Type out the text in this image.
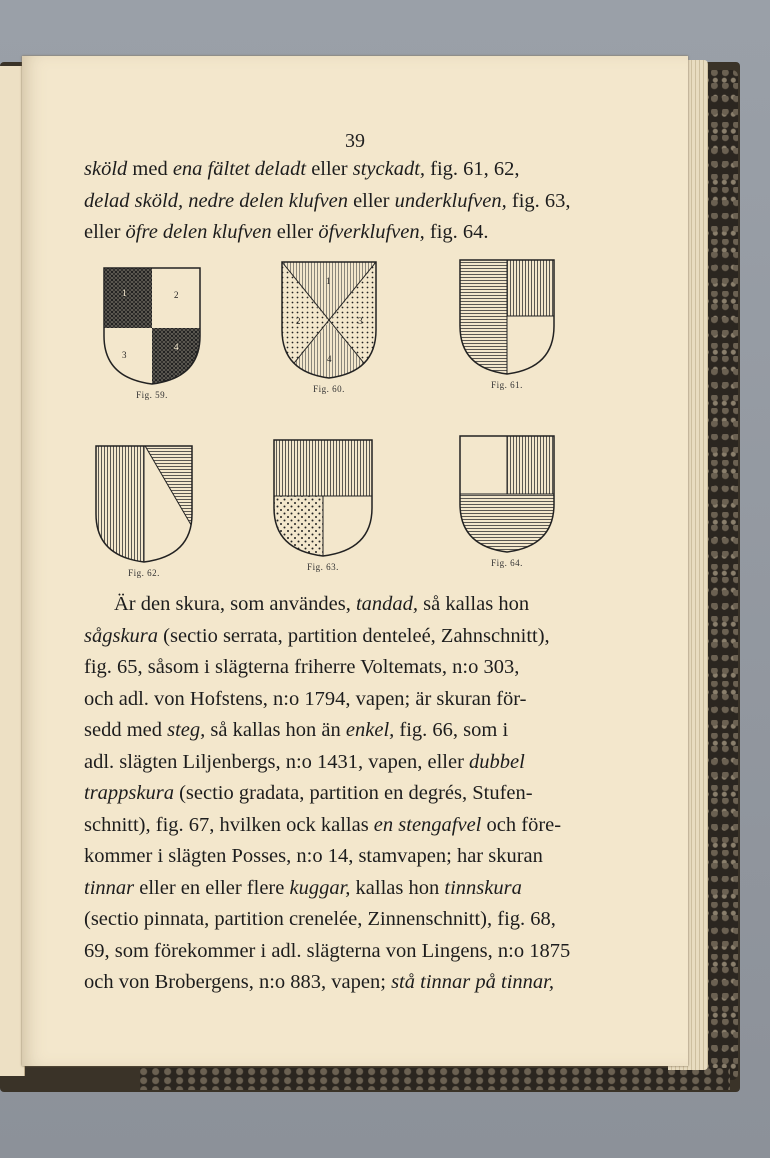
39

sköld med ena fältet deladt eller styckadt, fig. 61, 62,

delad sköld, nedre delen klufven eller underklufven, fig. 63,

eller öfre delen klufven eller öfverklufven, fig. 64.

1	2
3
4
Fig. 59.
1
2	3
4
Fig. 60.	Fig. 61.
Fig. 62.
Fig. 63.	Fig. 64.

Är den skura, som användes, tandad, så kallas hon

sågskura (sectio serrata, partition denteleé, Zahnschnitt),

fig. 65, såsom i slägterna friherre Voltemats, n:o 303,

och adl. von Hofstens, n:o 1794, vapen; är skuran för-

sedd med steg, så kallas hon än enkel, fig. 66, som i

adl. slägten Liljenbergs, n:o 1431, vapen, eller dubbel

trappskura (sectio gradata, partition en degrés, Stufen-

schnitt), fig. 67, hvilken ock kallas en stengafvel och före-

kommer i slägten Posses, n:o 14, stamvapen; har skuran

tinnar eller en eller flere kuggar, kallas hon tinnskura

(sectio pinnata, partition crenelée, Zinnenschnitt), fig. 68,

69, som förekommer i adl. slägterna von Lingens, n:o 1875

och von Brobergens, n:o 883, vapen; stå tinnar på tinnar,
